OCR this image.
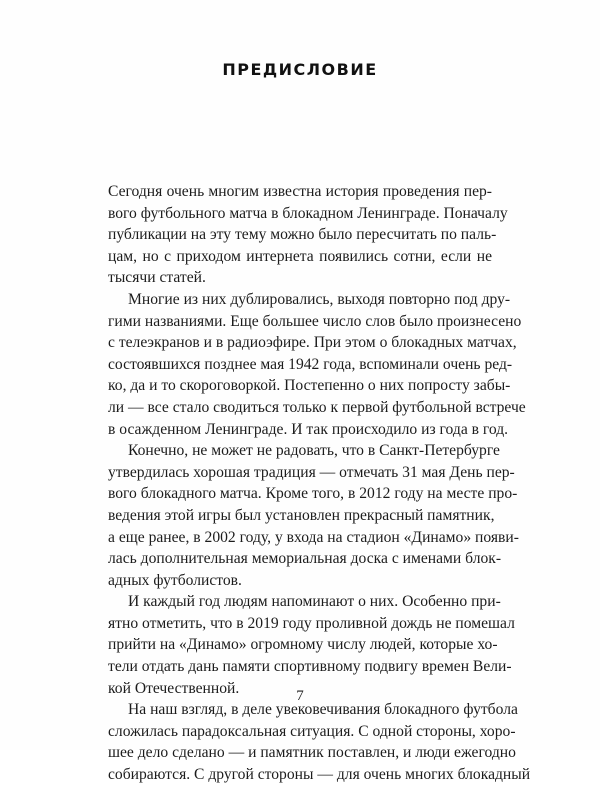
ПРЕДИСЛОВИЕ
Сегодня очень многим известна история проведения пер-
вого футбольного матча в блокадном Ленинграде. Поначалу
публикации на эту тему можно было пересчитать по паль-
цам, но с приходом интернета появились сотни, если не
тысячи статей.
Многие из них дублировались, выходя повторно под дру-
гими названиями. Еще большее число слов было произнесено
с телеэкранов и в радиоэфире. При этом о блокадных матчах,
состоявшихся позднее мая 1942 года, вспоминали очень ред-
ко, да и то скороговоркой. Постепенно о них попросту забы-
ли — все стало сводиться только к первой футбольной встрече
в осажденном Ленинграде. И так происходило из года в год.
Конечно, не может не радовать, что в Санкт-Петербурге
утвердилась хорошая традиция — отмечать 31 мая День пер-
вого блокадного матча. Кроме того, в 2012 году на месте про-
ведения этой игры был установлен прекрасный памятник,
а еще ранее, в 2002 году, у входа на стадион «Динамо» появи-
лась дополнительная мемориальная доска с именами блок-
адных футболистов.
И каждый год людям напоминают о них. Особенно при-
ятно отметить, что в 2019 году проливной дождь не помешал
прийти на «Динамо» огромному числу людей, которые хо-
тели отдать дань памяти спортивному подвигу времен Вели-
кой Отечественной.
На наш взгляд, в деле увековечивания блокадного футбола
сложилась парадоксальная ситуация. С одной стороны, хоро-
шее дело сделано — и памятник поставлен, и люди ежегодно
собираются. С другой стороны — для очень многих блокадный
7
